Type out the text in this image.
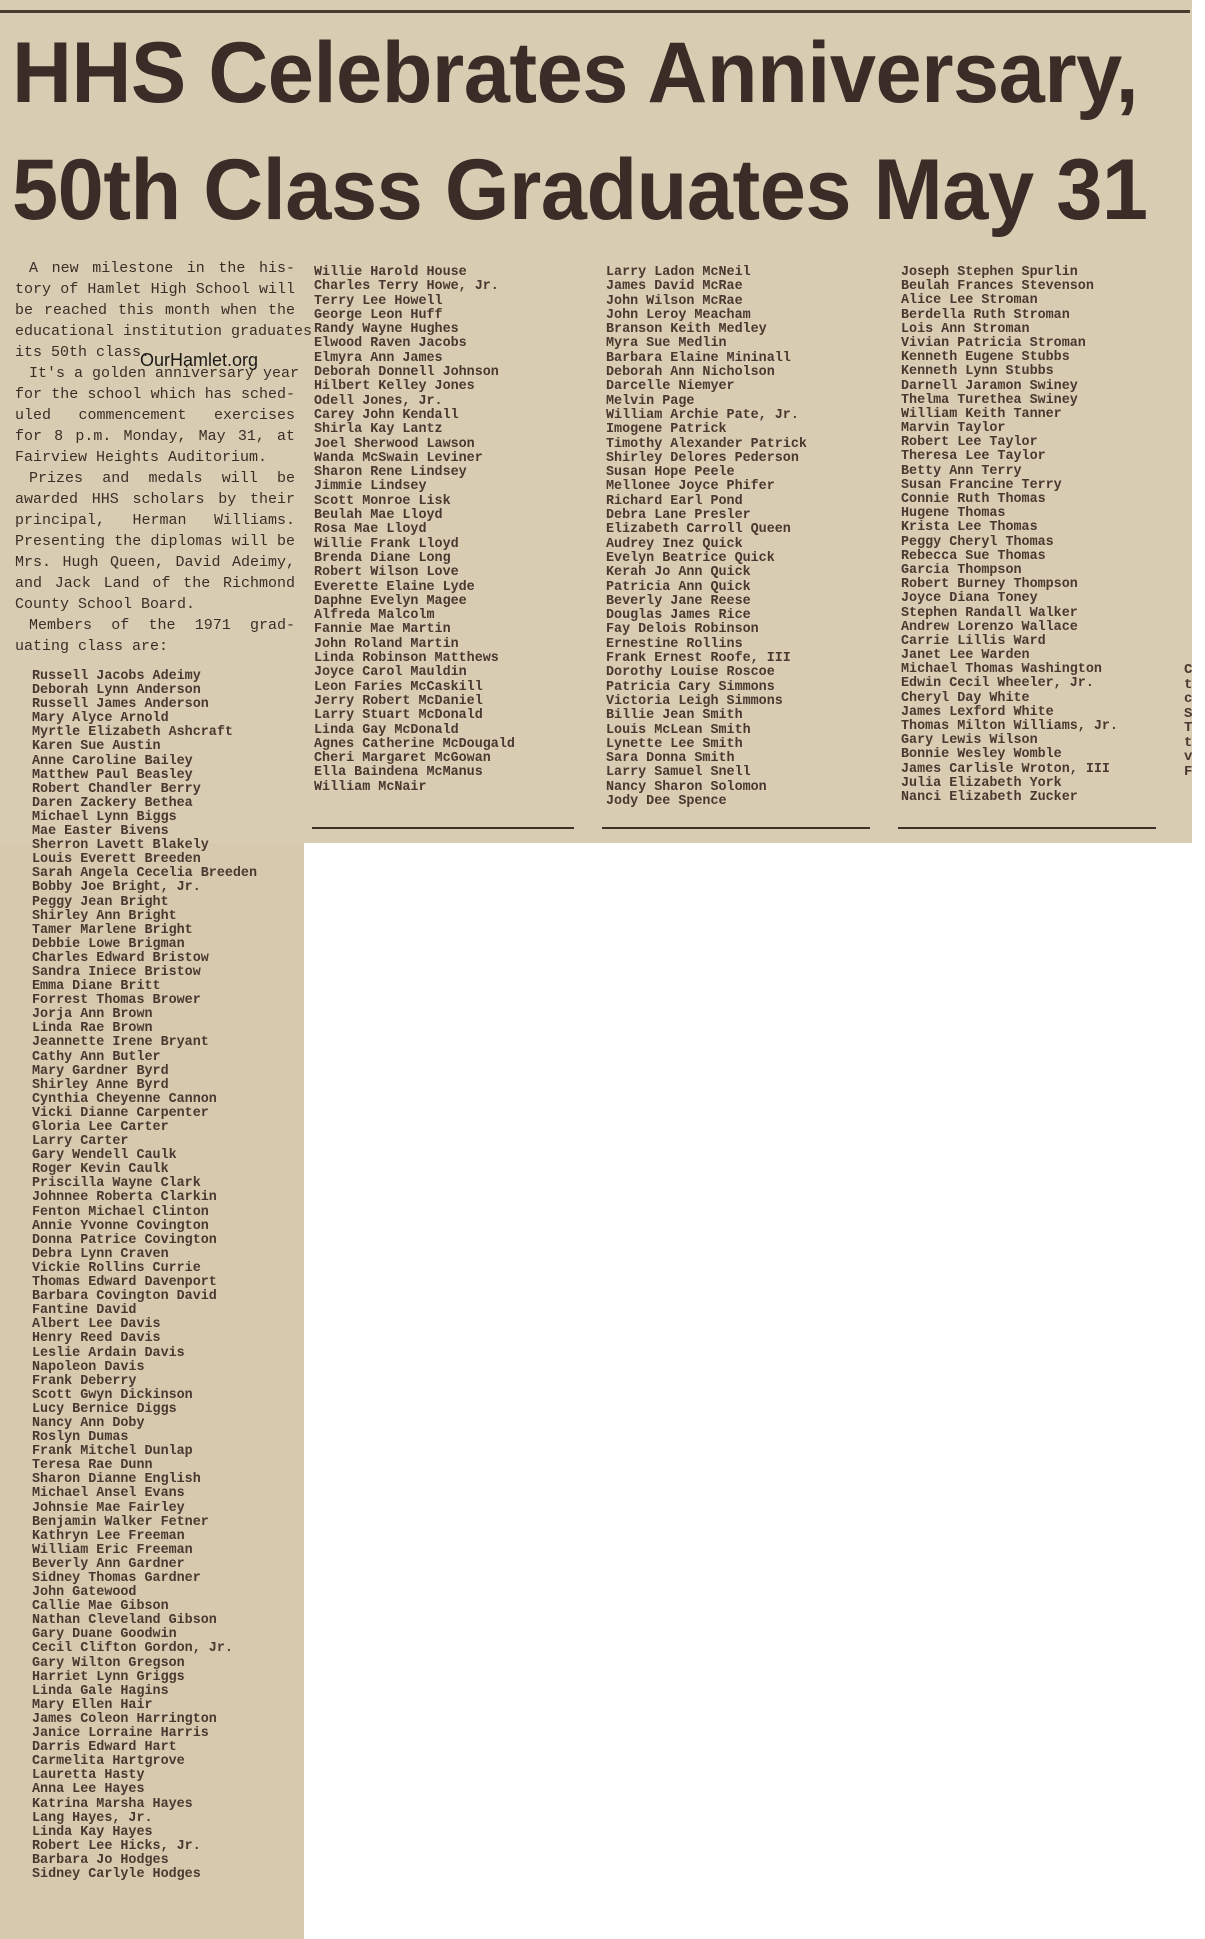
HHS Celebrates Anniversary,
50th Class Graduates May 31
A new milestone in the his-
tory of Hamlet High School will
be reached this month when the
educational institution graduates
its 50th class.
It's a golden anniversary year
for the school which has sched-
uled commencement exercises
for 8 p.m. Monday, May 31, at
Fairview Heights Auditorium.
Prizes and medals will be
awarded HHS scholars by their
principal, Herman Williams.
Presenting the diplomas will be
Mrs. Hugh Queen, David Adeimy,
and Jack Land of the Richmond
County School Board.
Members of the 1971 grad-
uating class are:
OurHamlet.org
Russell Jacobs Adeimy
Deborah Lynn Anderson
Russell James Anderson
Mary Alyce Arnold
Myrtle Elizabeth Ashcraft
Karen Sue Austin
Anne Caroline Bailey
Matthew Paul Beasley
Robert Chandler Berry
Daren Zackery Bethea
Michael Lynn Biggs
Mae Easter Bivens
Sherron Lavett Blakely
Louis Everett Breeden
Sarah Angela Cecelia Breeden
Bobby Joe Bright, Jr.
Peggy Jean Bright
Shirley Ann Bright
Tamer Marlene Bright
Debbie Lowe Brigman
Charles Edward Bristow
Sandra Iniece Bristow
Emma Diane Britt
Forrest Thomas Brower
Jorja Ann Brown
Linda Rae Brown
Jeannette Irene Bryant
Cathy Ann Butler
Mary Gardner Byrd
Shirley Anne Byrd
Cynthia Cheyenne Cannon
Vicki Dianne Carpenter
Gloria Lee Carter
Larry Carter
Gary Wendell Caulk
Roger Kevin Caulk
Priscilla Wayne Clark
Johnnee Roberta Clarkin
Fenton Michael Clinton
Annie Yvonne Covington
Donna Patrice Covington
Debra Lynn Craven
Vickie Rollins Currie
Thomas Edward Davenport
Barbara Covington David
Fantine David
Albert Lee Davis
Henry Reed Davis
Leslie Ardain Davis
Napoleon Davis
Frank Deberry
Scott Gwyn Dickinson
Lucy Bernice Diggs
Nancy Ann Doby
Roslyn Dumas
Frank Mitchel Dunlap
Teresa Rae Dunn
Sharon Dianne English
Michael Ansel Evans
Johnsie Mae Fairley
Benjamin Walker Fetner
Kathryn Lee Freeman
William Eric Freeman
Beverly Ann Gardner
Sidney Thomas Gardner
John Gatewood
Callie Mae Gibson
Nathan Cleveland Gibson
Gary Duane Goodwin
Cecil Clifton Gordon, Jr.
Gary Wilton Gregson
Harriet Lynn Griggs
Linda Gale Hagins
Mary Ellen Hair
James Coleon Harrington
Janice Lorraine Harris
Darris Edward Hart
Carmelita Hartgrove
Lauretta Hasty
Anna Lee Hayes
Katrina Marsha Hayes
Lang Hayes, Jr.
Linda Kay Hayes
Robert Lee Hicks, Jr.
Barbara Jo Hodges
Sidney Carlyle Hodges
Willie Harold House
Charles Terry Howe, Jr.
Terry Lee Howell
George Leon Huff
Randy Wayne Hughes
Elwood Raven Jacobs
Elmyra Ann James
Deborah Donnell Johnson
Hilbert Kelley Jones
Odell Jones, Jr.
Carey John Kendall
Shirla Kay Lantz
Joel Sherwood Lawson
Wanda McSwain Leviner
Sharon Rene Lindsey
Jimmie Lindsey
Scott Monroe Lisk
Beulah Mae Lloyd
Rosa Mae Lloyd
Willie Frank Lloyd
Brenda Diane Long
Robert Wilson Love
Everette Elaine Lyde
Daphne Evelyn Magee
Alfreda Malcolm
Fannie Mae Martin
John Roland Martin
Linda Robinson Matthews
Joyce Carol Mauldin
Leon Faries McCaskill
Jerry Robert McDaniel
Larry Stuart McDonald
Linda Gay McDonald
Agnes Catherine McDougald
Cheri Margaret McGowan
Ella Baindena McManus
William McNair
Larry Ladon McNeil
James David McRae
John Wilson McRae
John Leroy Meacham
Branson Keith Medley
Myra Sue Medlin
Barbara Elaine Mininall
Deborah Ann Nicholson
Darcelle Niemyer
Melvin Page
William Archie Pate, Jr.
Imogene Patrick
Timothy Alexander Patrick
Shirley Delores Pederson
Susan Hope Peele
Mellonee Joyce Phifer
Richard Earl Pond
Debra Lane Presler
Elizabeth Carroll Queen
Audrey Inez Quick
Evelyn Beatrice Quick
Kerah Jo Ann Quick
Patricia Ann Quick
Beverly Jane Reese
Douglas James Rice
Fay Delois Robinson
Ernestine Rollins
Frank Ernest Roofe, III
Dorothy Louise Roscoe
Patricia Cary Simmons
Victoria Leigh Simmons
Billie Jean Smith
Louis McLean Smith
Lynette Lee Smith
Sara Donna Smith
Larry Samuel Snell
Nancy Sharon Solomon
Jody Dee Spence
Joseph Stephen Spurlin
Beulah Frances Stevenson
Alice Lee Stroman
Berdella Ruth Stroman
Lois Ann Stroman
Vivian Patricia Stroman
Kenneth Eugene Stubbs
Kenneth Lynn Stubbs
Darnell Jaramon Swiney
Thelma Turethea Swiney
William Keith Tanner
Marvin Taylor
Robert Lee Taylor
Theresa Lee Taylor
Betty Ann Terry
Susan Francine Terry
Connie Ruth Thomas
Hugene Thomas
Krista Lee Thomas
Peggy Cheryl Thomas
Rebecca Sue Thomas
Garcia Thompson
Robert Burney Thompson
Joyce Diana Toney
Stephen Randall Walker
Andrew Lorenzo Wallace
Carrie Lillis Ward
Janet Lee Warden
Michael Thomas Washington
Edwin Cecil Wheeler, Jr.
Cheryl Day White
James Lexford White
Thomas Milton Williams, Jr.
Gary Lewis Wilson
Bonnie Wesley Womble
James Carlisle Wroton, III
Julia Elizabeth York
Nanci Elizabeth Zucker
C
t
c
S
T
t
v
F
